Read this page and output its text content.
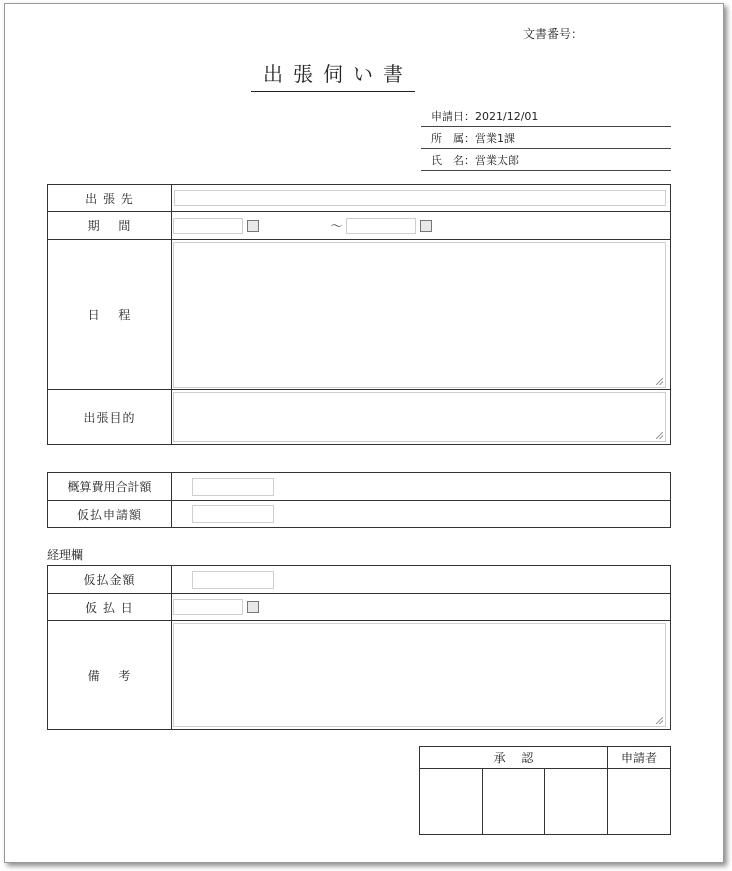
文書番号：
出張伺い書
申請日：2021/12/01
所　属：営業1課
氏　名：営業太郎
出 張 先	

期　 間	～
日　 程	

出張目的	
概算費用合計額	

仮払申請額	
経理欄
仮払金額	

仮 払 日	
備　 考	
承　 認			申請者
